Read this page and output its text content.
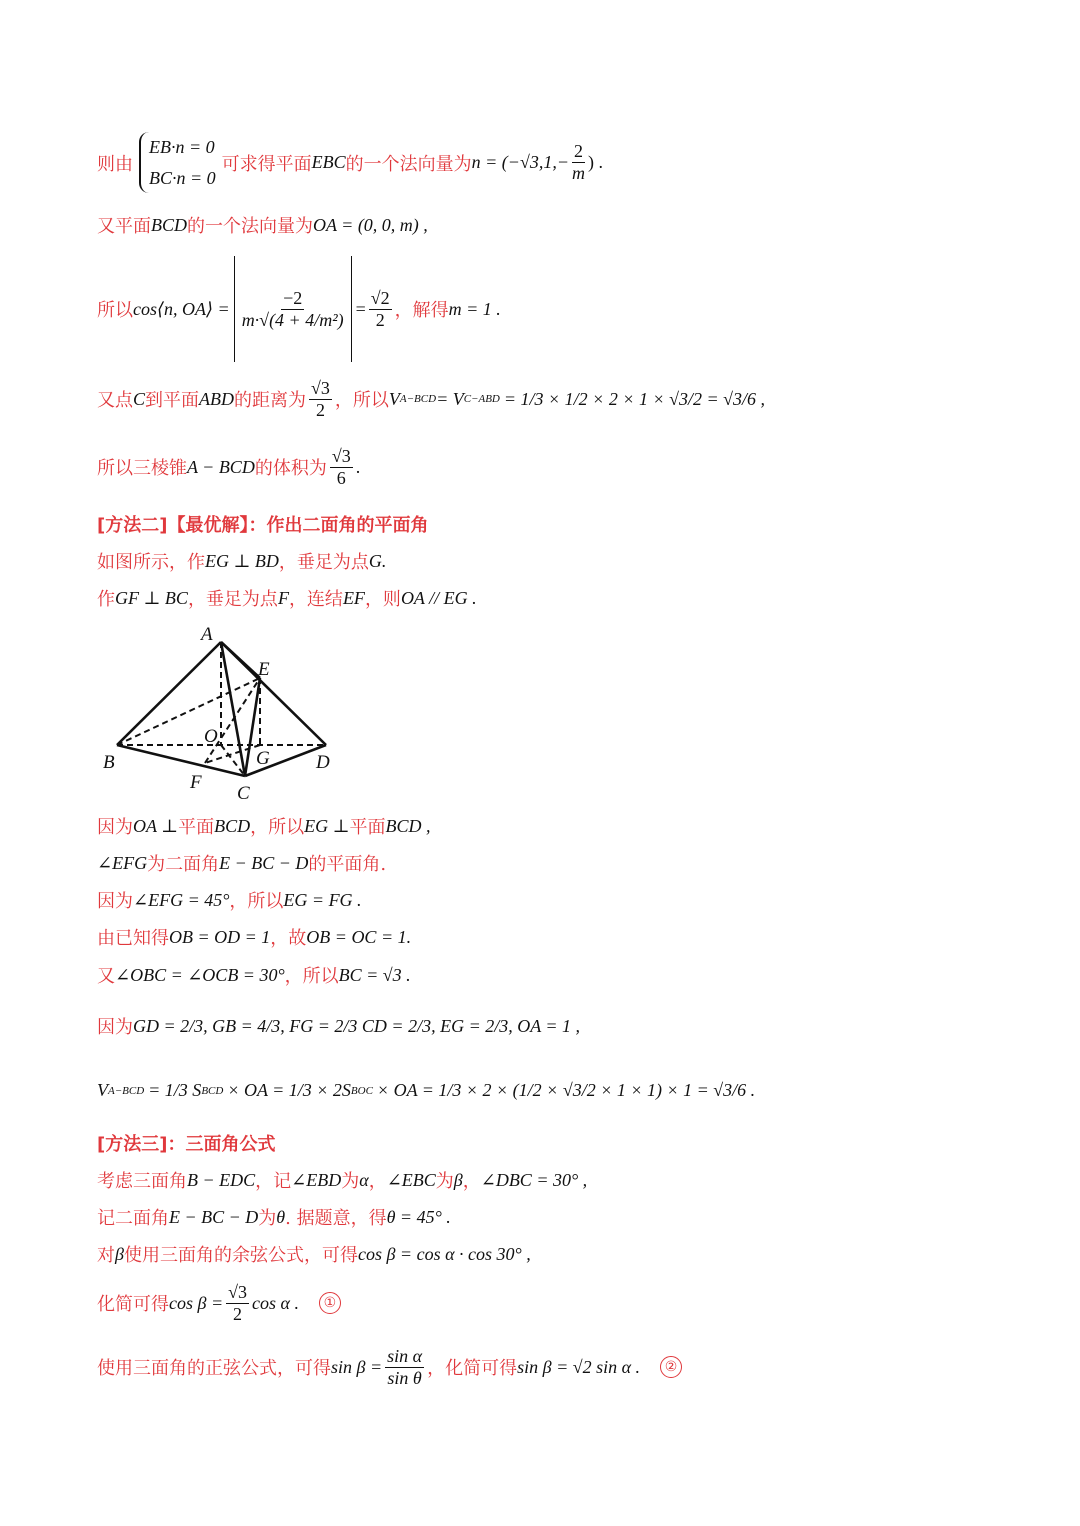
则由
EB·n = 0
BC·n = 0
可求得平面 EBC 的一个法向量为 $n = (-√3,1,- \frac{2}{m}$ ) .
又平面 BCD 的一个法向量为 OA = (0, 0, m) ,
所以 cos⟨n, OA⟩ = $\frac{-2}{\text{m·√(4 + 4/m²)}} = \frac{√2}{2}$ ，解得 m = 1 .
又点 C 到平面 ABD 的距离为 $\frac{√3}{2}$ ，所以 V A−BCD = V C−ABD = 1/3 × 1/2 × 2 × 1 × √3/2 = √3/6 ,
所以三棱锥 A − BCD 的体积为 $\frac{√3}{6}$ .
[方法二]【最优解】：作出二面角的平面角
如图所示，作 EG ⊥ BD ，垂足为点 G.
作 GF ⊥ BC ，垂足为点 F ，连结 EF ，则 OA // EG .
A
B
C
D
E
F
G
O
因为 OA ⊥ 平面 BCD ，所以 EG ⊥ 平面 BCD ,
∠EFG 为二面角 E − BC − D 的平面角.
因为 ∠EFG = 45° ，所以 EG = FG .
由已知得 OB = OD = 1 ，故 OB = OC = 1.
又 ∠OBC = ∠OCB = 30° ，所以 BC = √3 .
因为 GD = 2/3, GB = 4/3, FG = 2/3 CD = 2/3, EG = 2/3, OA = 1 ,
V A−BCD = 1/3 S BCD × OA = 1/3 × 2S BOC × OA = 1/3 × 2 × (1/2 × √3/2 × 1 × 1) × 1 = √3/6 .
[方法三]：三面角公式
考虑三面角 B − EDC ，记 ∠EBD 为 α ， ∠EBC 为 β ， ∠DBC = 30° ,
记二面角 E − BC − D 为 θ . 据题意，得 θ = 45° .
对 β 使用三面角的余弦公式，可得 cos β = cos α · cos 30° ,
化简可得 $\cos \beta = \frac{√3}{2}$ cos α .	①
使用三面角的正弦公式，可得 $\sin \beta = \frac{\text{sin α}}{\text{sin θ}}$ ，化简可得 sin β = √2 sin α .	②
